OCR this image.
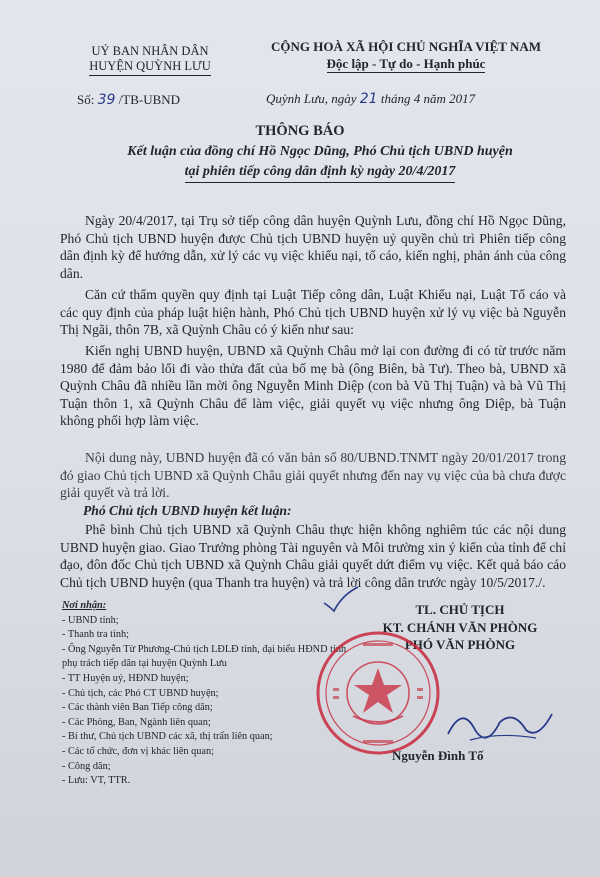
UỶ BAN NHÂN DÂN
HUYỆN QUỲNH LƯU
CỘNG HOÀ XÃ HỘI CHỦ NGHĨA VIỆT NAM
Độc lập - Tự do - Hạnh phúc
Số: 39 /TB-UBND	Quỳnh Lưu, ngày 21 tháng 4 năm 2017
THÔNG BÁO
Kết luận của đồng chí Hồ Ngọc Dũng, Phó Chủ tịch UBND huyện
tại phiên tiếp công dân định kỳ ngày 20/4/2017
Ngày 20/4/2017, tại Trụ sở tiếp công dân huyện Quỳnh Lưu, đồng chí Hồ Ngọc Dũng, Phó Chủ tịch UBND huyện được Chủ tịch UBND huyện uỷ quyền chủ trì Phiên tiếp công dân định kỳ để hướng dẫn, xử lý các vụ việc khiếu nại, tố cáo, kiến nghị, phản ánh của công dân.
Căn cứ thẩm quyền quy định tại Luật Tiếp công dân, Luật Khiếu nại, Luật Tố cáo và các quy định của pháp luật hiện hành, Phó Chủ tịch UBND huyện xử lý vụ việc bà Nguyễn Thị Ngãi, thôn 7B, xã Quỳnh Châu có ý kiến như sau:
Kiến nghị UBND huyện, UBND xã Quỳnh Châu mở lại con đường đi có từ trước năm 1980 để đảm bảo lối đi vào thửa đất của bố mẹ bà (ông Biên, bà Tư). Theo bà, UBND xã Quỳnh Châu đã nhiều lần mời ông Nguyễn Minh Diệp (con bà Vũ Thị Tuận) và bà Vũ Thị Tuận thôn 1, xã Quỳnh Châu để làm việc, giải quyết vụ việc nhưng ông Diệp, bà Tuận không phối hợp làm việc.
Nội dung này, UBND huyện đã có văn bản số 80/UBND.TNMT ngày 20/01/2017 trong đó giao Chủ tịch UBND xã Quỳnh Châu giải quyết nhưng đến nay vụ việc của bà chưa được giải quyết và trả lời.
Phó Chủ tịch UBND huyện kết luận:
Phê bình Chủ tịch UBND xã Quỳnh Châu thực hiện không nghiêm túc các nội dung UBND huyện giao. Giao Trưởng phòng Tài nguyên và Môi trường xin ý kiến của tỉnh để chỉ đạo, đôn đốc Chủ tịch UBND xã Quỳnh Châu giải quyết dứt điểm vụ việc. Kết quả báo cáo Chủ tịch UBND huyện (qua Thanh tra huyện) và trả lời công dân trước ngày 10/5/2017./.
Nơi nhận:
- UBND tỉnh;
- Thanh tra tỉnh;
- Ông Nguyễn Từ Phương-Chủ tịch LĐLĐ tỉnh, đại biểu HĐND tỉnh phụ trách tiếp dân tại huyện Quỳnh Lưu
- TT Huyện uỷ, HĐND huyện;
- Chủ tịch, các Phó CT UBND huyện;
- Các thành viên Ban Tiếp công dân;
- Các Phòng, Ban, Ngành liên quan;
- Bí thư, Chủ tịch UBND các xã, thị trấn liên quan;
- Các tổ chức, đơn vị khác liên quan;
- Công dân;
- Lưu: VT, TTR.
TL. CHỦ TỊCH
KT. CHÁNH VĂN PHÒNG
PHÓ VĂN PHÒNG
Nguyễn Đình Tố
